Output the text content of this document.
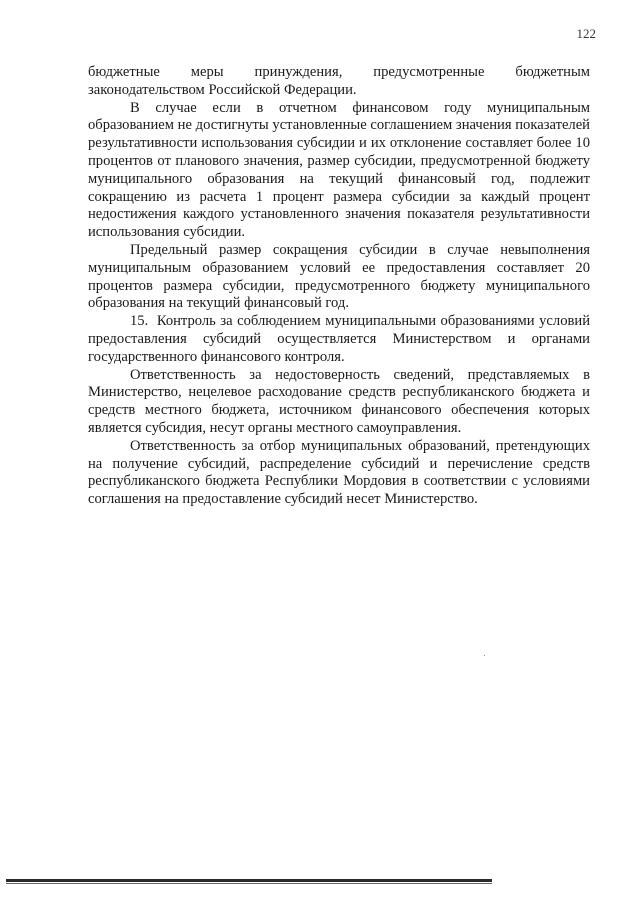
122

бюджетные меры принуждения, предусмотренные бюджетным законодательством Российской Федерации.

В случае если в отчетном финансовом году муниципальным образованием не достигнуты установленные соглашением значения показателей результативности использования субсидии и их отклонение составляет более 10 процентов от планового значения, размер субсидии, предусмотренной бюджету муниципального образования на текущий финансовый год, подлежит сокращению из расчета 1 процент размера субсидии за каждый процент недостижения каждого установленного значения показателя результативности использования субсидии.

Предельный размер сокращения субсидии в случае невыполнения муниципальным образованием условий ее предоставления составляет 20 процентов размера субсидии, предусмотренного бюджету муниципального образования на текущий финансовый год.

15. Контроль за соблюдением муниципальными образованиями условий предоставления субсидий осуществляется Министерством и органами государственного финансового контроля.

Ответственность за недостоверность сведений, представляемых в Министерство, нецелевое расходование средств республиканского бюджета и средств местного бюджета, источником финансового обеспечения которых является субсидия, несут органы местного самоуправления.

Ответственность за отбор муниципальных образований, претендующих на получение субсидий, распределение субсидий и перечисление средств республиканского бюджета Республики Мордовия в соответствии с условиями соглашения на предоставление субсидий несет Министерство.
